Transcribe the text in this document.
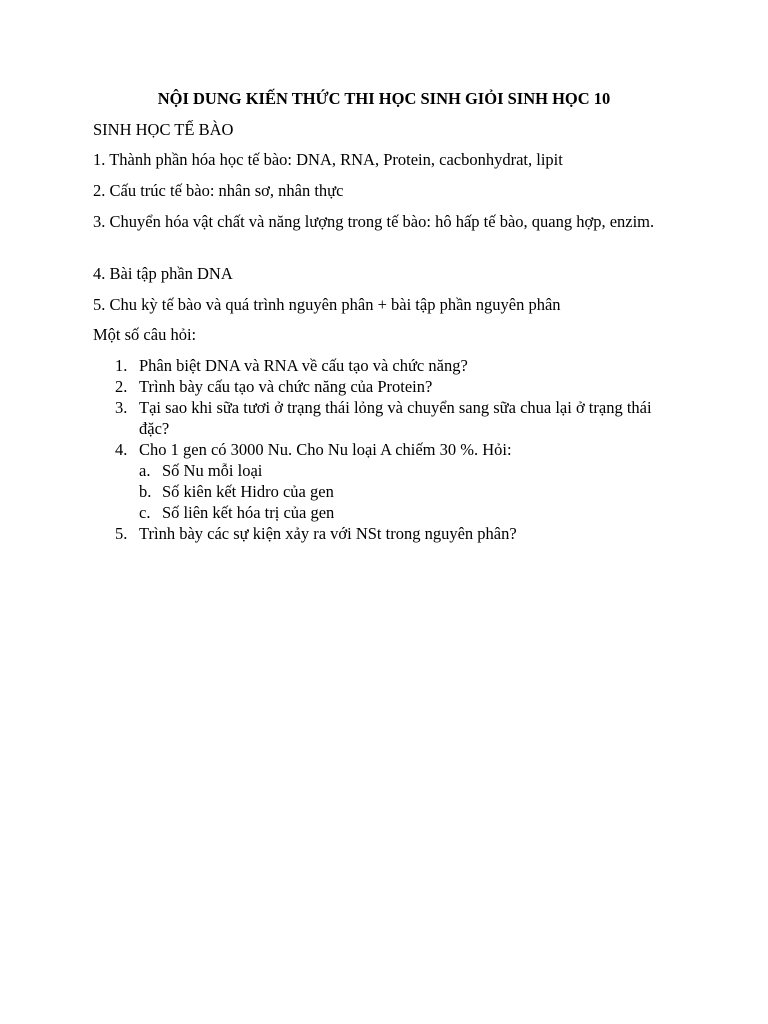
NỘI DUNG KIẾN THỨC THI HỌC SINH GIỎI SINH HỌC 10
SINH HỌC TẾ BÀO
1. Thành phần hóa học tế bào: DNA, RNA, Protein, cacbonhydrat, lipit
2. Cấu trúc tế bào: nhân sơ, nhân thực
3. Chuyển hóa vật chất và năng lượng trong tế bào: hô hấp tế bào, quang hợp, enzim.
4. Bài tập phần DNA
5. Chu kỳ tế bào và quá trình nguyên phân + bài tập phần nguyên phân
Một số câu hỏi:
1. Phân biệt DNA và RNA về cấu tạo và chức năng?
2. Trình bày cấu tạo và chức năng của Protein?
3. Tại sao khi sữa tươi ở trạng thái lỏng và chuyển sang sữa chua lại ở trạng thái đặc?
4. Cho 1 gen có 3000 Nu. Cho Nu loại A chiếm 30 %. Hỏi:
a. Số Nu mỗi loại
b. Số kiên kết Hidro của gen
c. Số liên kết hóa trị của gen
5. Trình bày các sự kiện xảy ra với NSt trong nguyên phân?
